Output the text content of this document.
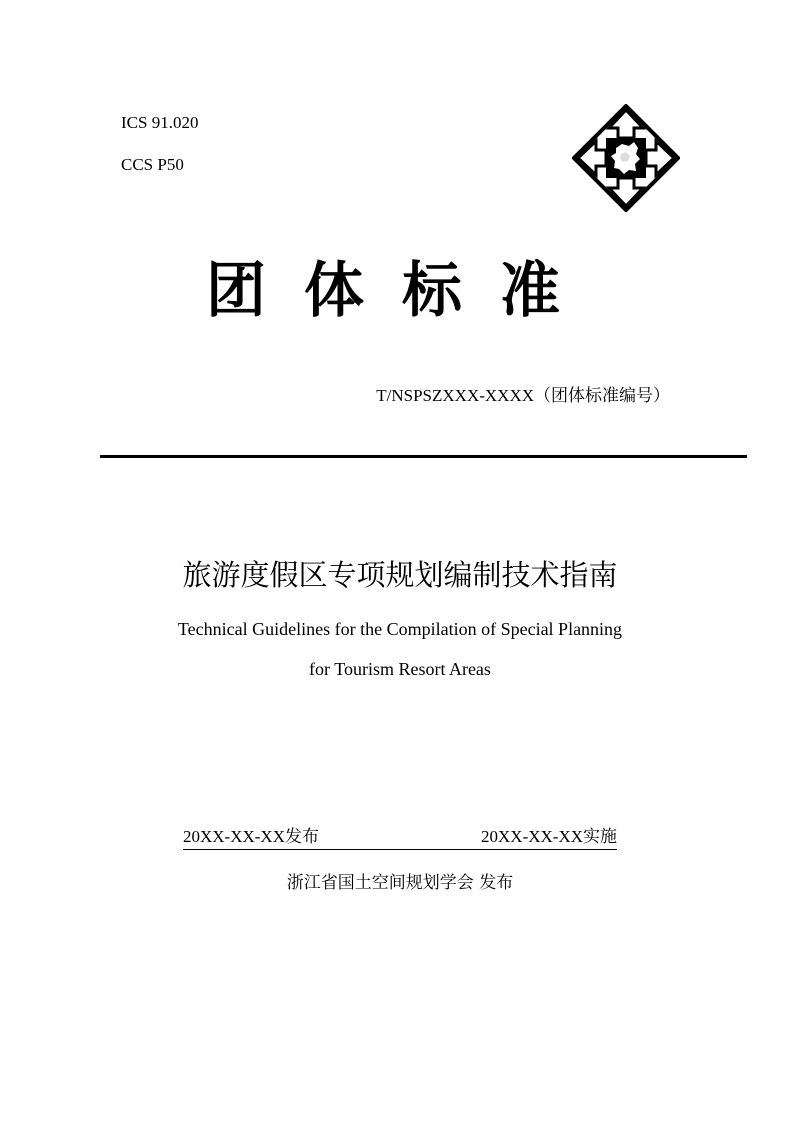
ICS 91.020
CCS P50
团体标准
T/NSPSZXXX-XXXX（团体标准编号）
旅游度假区专项规划编制技术指南
Technical Guidelines for the Compilation of Special Planning
for Tourism Resort Areas
20XX-XX-XX发布	20XX-XX-XX实施
浙江省国土空间规划学会 发布
